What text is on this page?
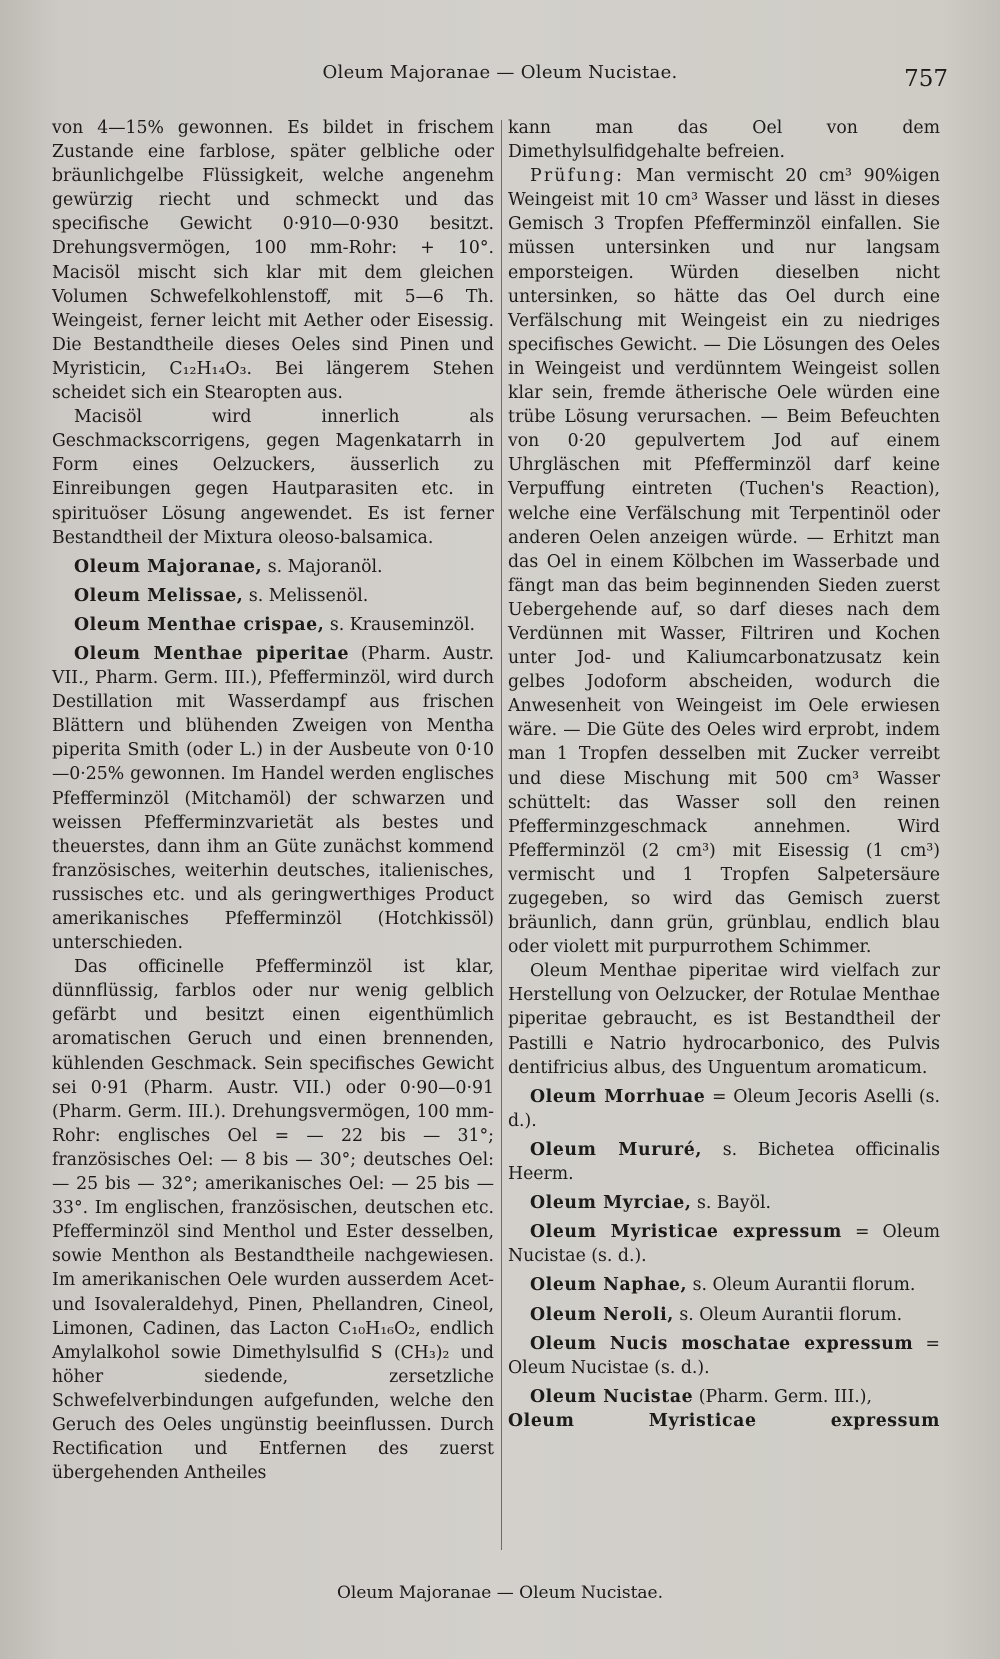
Oleum Majoranae — Oleum Nucistae.	757

von 4—15% gewonnen. Es bildet in frischem Zustande eine farblose, später gelbliche oder bräunlichgelbe Flüssigkeit, welche angenehm gewürzig riecht und schmeckt und das specifische Gewicht 0·910—0·930 besitzt. Drehungsvermögen, 100 mm-Rohr: + 10°. Macisöl mischt sich klar mit dem gleichen Volumen Schwefelkohlenstoff, mit 5—6 Th. Weingeist, ferner leicht mit Aether oder Eisessig. Die Bestandtheile dieses Oeles sind Pinen und Myristicin, C₁₂H₁₄O₃. Bei längerem Stehen scheidet sich ein Stearopten aus.

Macisöl wird innerlich als Geschmackscorrigens, gegen Magenkatarrh in Form eines Oelzuckers, äusserlich zu Einreibungen gegen Hautparasiten etc. in spirituöser Lösung angewendet. Es ist ferner Bestandtheil der Mixtura oleoso-balsamica.

Oleum Majoranae, s. Majoranöl.

Oleum Melissae, s. Melissenöl.

Oleum Menthae crispae, s. Krauseminzöl.

Oleum Menthae piperitae (Pharm. Austr. VII., Pharm. Germ. III.), Pfefferminzöl, wird durch Destillation mit Wasserdampf aus frischen Blättern und blühenden Zweigen von Mentha piperita Smith (oder L.) in der Ausbeute von 0·10—0·25% gewonnen. Im Handel werden englisches Pfefferminzöl (Mitchamöl) der schwarzen und weissen Pfefferminzvarietät als bestes und theuerstes, dann ihm an Güte zunächst kommend französisches, weiterhin deutsches, italienisches, russisches etc. und als geringwerthiges Product amerikanisches Pfefferminzöl (Hotchkissöl) unterschieden.

Das officinelle Pfefferminzöl ist klar, dünnflüssig, farblos oder nur wenig gelblich gefärbt und besitzt einen eigenthümlich aromatischen Geruch und einen brennenden, kühlenden Geschmack. Sein specifisches Gewicht sei 0·91 (Pharm. Austr. VII.) oder 0·90—0·91 (Pharm. Germ. III.). Drehungsvermögen, 100 mm-Rohr: englisches Oel = — 22 bis — 31°; französisches Oel: — 8 bis — 30°; deutsches Oel: — 25 bis — 32°; amerikanisches Oel: — 25 bis — 33°. Im englischen, französischen, deutschen etc. Pfefferminzöl sind Menthol und Ester desselben, sowie Menthon als Bestandtheile nachgewiesen. Im amerikanischen Oele wurden ausserdem Acet- und Isovaleraldehyd, Pinen, Phellandren, Cineol, Limonen, Cadinen, das Lacton C₁₀H₁₆O₂, endlich Amylalkohol sowie Dimethylsulfid S (CH₃)₂ und höher siedende, zersetzliche Schwefelverbindungen aufgefunden, welche den Geruch des Oeles ungünstig beeinflussen. Durch Rectification und Entfernen des zuerst übergehenden Antheiles

kann man das Oel von dem Dimethylsulfidgehalte befreien.

Prüfung: Man vermischt 20 cm³ 90%igen Weingeist mit 10 cm³ Wasser und lässt in dieses Gemisch 3 Tropfen Pfefferminzöl einfallen. Sie müssen untersinken und nur langsam emporsteigen. Würden dieselben nicht untersinken, so hätte das Oel durch eine Verfälschung mit Weingeist ein zu niedriges specifisches Gewicht. — Die Lösungen des Oeles in Weingeist und verdünntem Weingeist sollen klar sein, fremde ätherische Oele würden eine trübe Lösung verursachen. — Beim Befeuchten von 0·20 gepulvertem Jod auf einem Uhrgläschen mit Pfefferminzöl darf keine Verpuffung eintreten (Tuchen's Reaction), welche eine Verfälschung mit Terpentinöl oder anderen Oelen anzeigen würde. — Erhitzt man das Oel in einem Kölbchen im Wasserbade und fängt man das beim beginnenden Sieden zuerst Uebergehende auf, so darf dieses nach dem Verdünnen mit Wasser, Filtriren und Kochen unter Jod- und Kaliumcarbonatzusatz kein gelbes Jodoform abscheiden, wodurch die Anwesenheit von Weingeist im Oele erwiesen wäre. — Die Güte des Oeles wird erprobt, indem man 1 Tropfen desselben mit Zucker verreibt und diese Mischung mit 500 cm³ Wasser schüttelt: das Wasser soll den reinen Pfefferminzgeschmack annehmen. Wird Pfefferminzöl (2 cm³) mit Eisessig (1 cm³) vermischt und 1 Tropfen Salpetersäure zugegeben, so wird das Gemisch zuerst bräunlich, dann grün, grünblau, endlich blau oder violett mit purpurrothem Schimmer.

Oleum Menthae piperitae wird vielfach zur Herstellung von Oelzucker, der Rotulae Menthae piperitae gebraucht, es ist Bestandtheil der Pastilli e Natrio hydrocarbonico, des Pulvis dentifricius albus, des Unguentum aromaticum.

Oleum Morrhuae = Oleum Jecoris Aselli (s. d.).

Oleum Mururé, s. Bichetea officinalis Heerm.

Oleum Myrciae, s. Bayöl.

Oleum Myristicae expressum = Oleum Nucistae (s. d.).

Oleum Naphae, s. Oleum Aurantii florum.

Oleum Neroli, s. Oleum Aurantii florum.

Oleum Nucis moschatae expressum = Oleum Nucistae (s. d.).

Oleum Nucistae (Pharm. Germ. III.),

Oleum Myristicae expressum

Oleum Majoranae — Oleum Nucistae.
